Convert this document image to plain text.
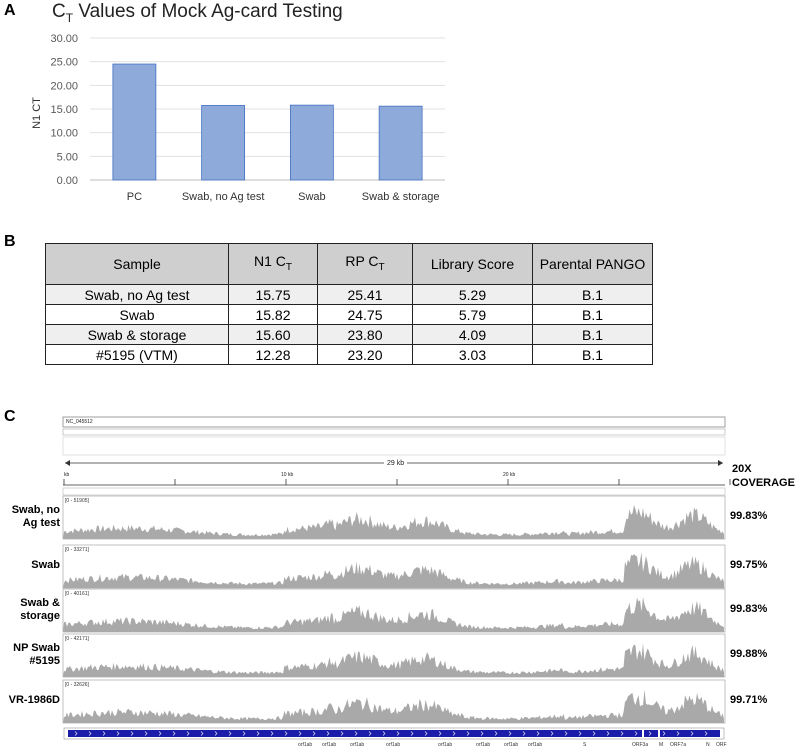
A $C_T$ Values of Mock Ag-card Testing
0.00
5.00
10.00
15.00
20.00
25.00
30.00
N1 CT
PC	Swab, no Ag test	Swab	Swab & storage
B
Sample	N1 $C_T$	RP $C_T$	Library Score	Parental PANGO
Swab, no Ag test	15.75	25.41	5.29	B.1
Swab	15.82	24.75	5.79	B.1
Swab & storage	15.60	23.80	4.09	B.1
#5195 (VTM)	12.28	23.20	3.03	B.1
C	NC_045512
29 kb
kb	10 kb	20 kb	20X COVERAGE
Swab, no Ag test
[0 - 51905]
99.83%
Swab
[0 - 33271]
99.75%
Swab & storage
[0 - 40161]
99.83%
NP Swab #5195
[0 - 42171]
99.88%
VR-1986D
[0 - 32626]
99.71%
orf1ab orf1ab	orf1ab	orf1ab	orf1ab	orf1ab	orf1ab orf1ab	S	ORF3a M ORF7a	N ORF
